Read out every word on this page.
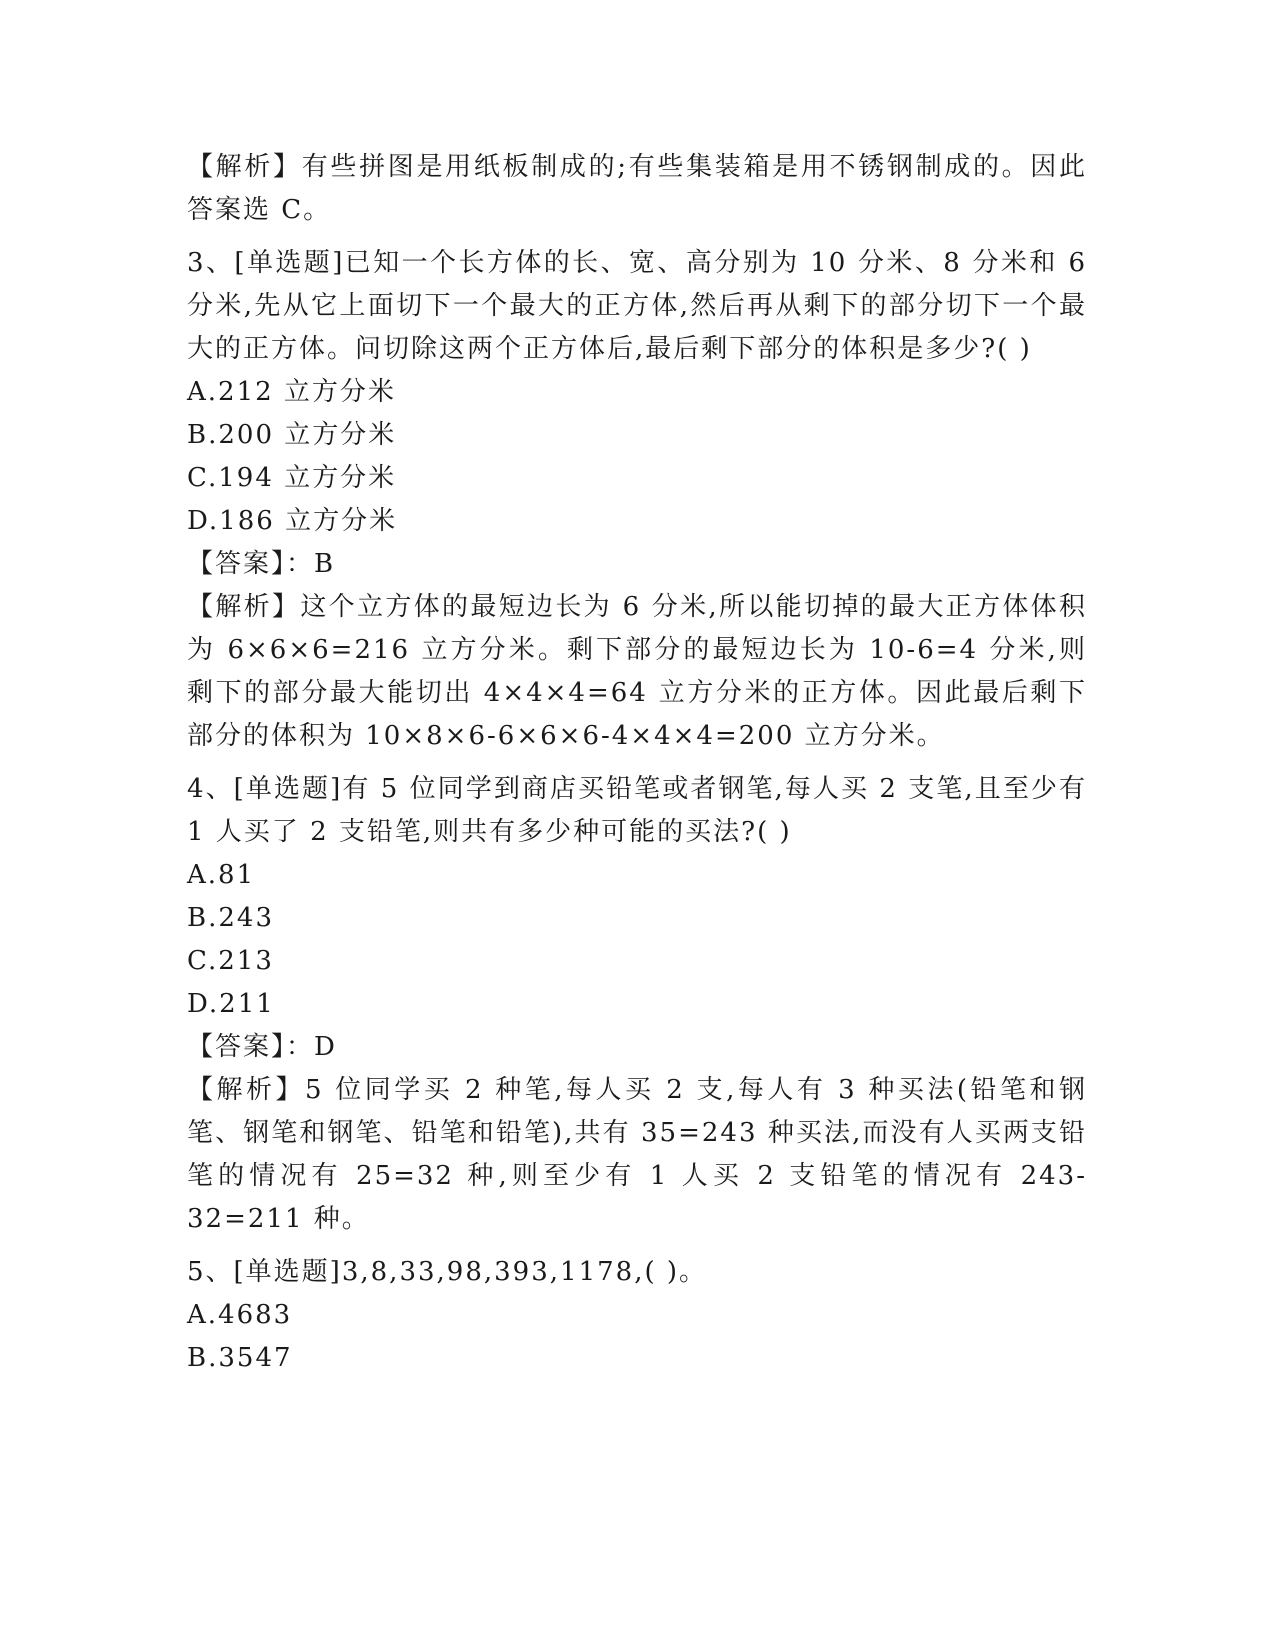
【解析】有些拼图是用纸板制成的;有些集装箱是用不锈钢制成的。因此答案选 C。

3、[单选题]已知一个长方体的长、宽、高分别为 10 分米、8 分米和 6 分米,先从它上面切下一个最大的正方体,然后再从剩下的部分切下一个最大的正方体。问切除这两个正方体后,最后剩下部分的体积是多少?( )

A.212 立方分米
B.200 立方分米
C.194 立方分米
D.186 立方分米

【答案】：B

【解析】这个立方体的最短边长为 6 分米,所以能切掉的最大正方体体积为 6×6×6=216 立方分米。剩下部分的最短边长为 10-6=4 分米,则剩下的部分最大能切出 4×4×4=64 立方分米的正方体。因此最后剩下部分的体积为 10×8×6-6×6×6-4×4×4=200 立方分米。

4、[单选题]有 5 位同学到商店买铅笔或者钢笔,每人买 2 支笔,且至少有 1 人买了 2 支铅笔,则共有多少种可能的买法?( )

A.81
B.243
C.213
D.211

【答案】：D

【解析】5 位同学买 2 种笔,每人买 2 支,每人有 3 种买法(铅笔和钢笔、钢笔和钢笔、铅笔和铅笔),共有 35=243 种买法,而没有人买两支铅笔的情况有 25=32 种,则至少有 1 人买 2 支铅笔的情况有 243-32=211 种。

5、[单选题]3,8,33,98,393,1178,( )。

A.4683
B.3547
